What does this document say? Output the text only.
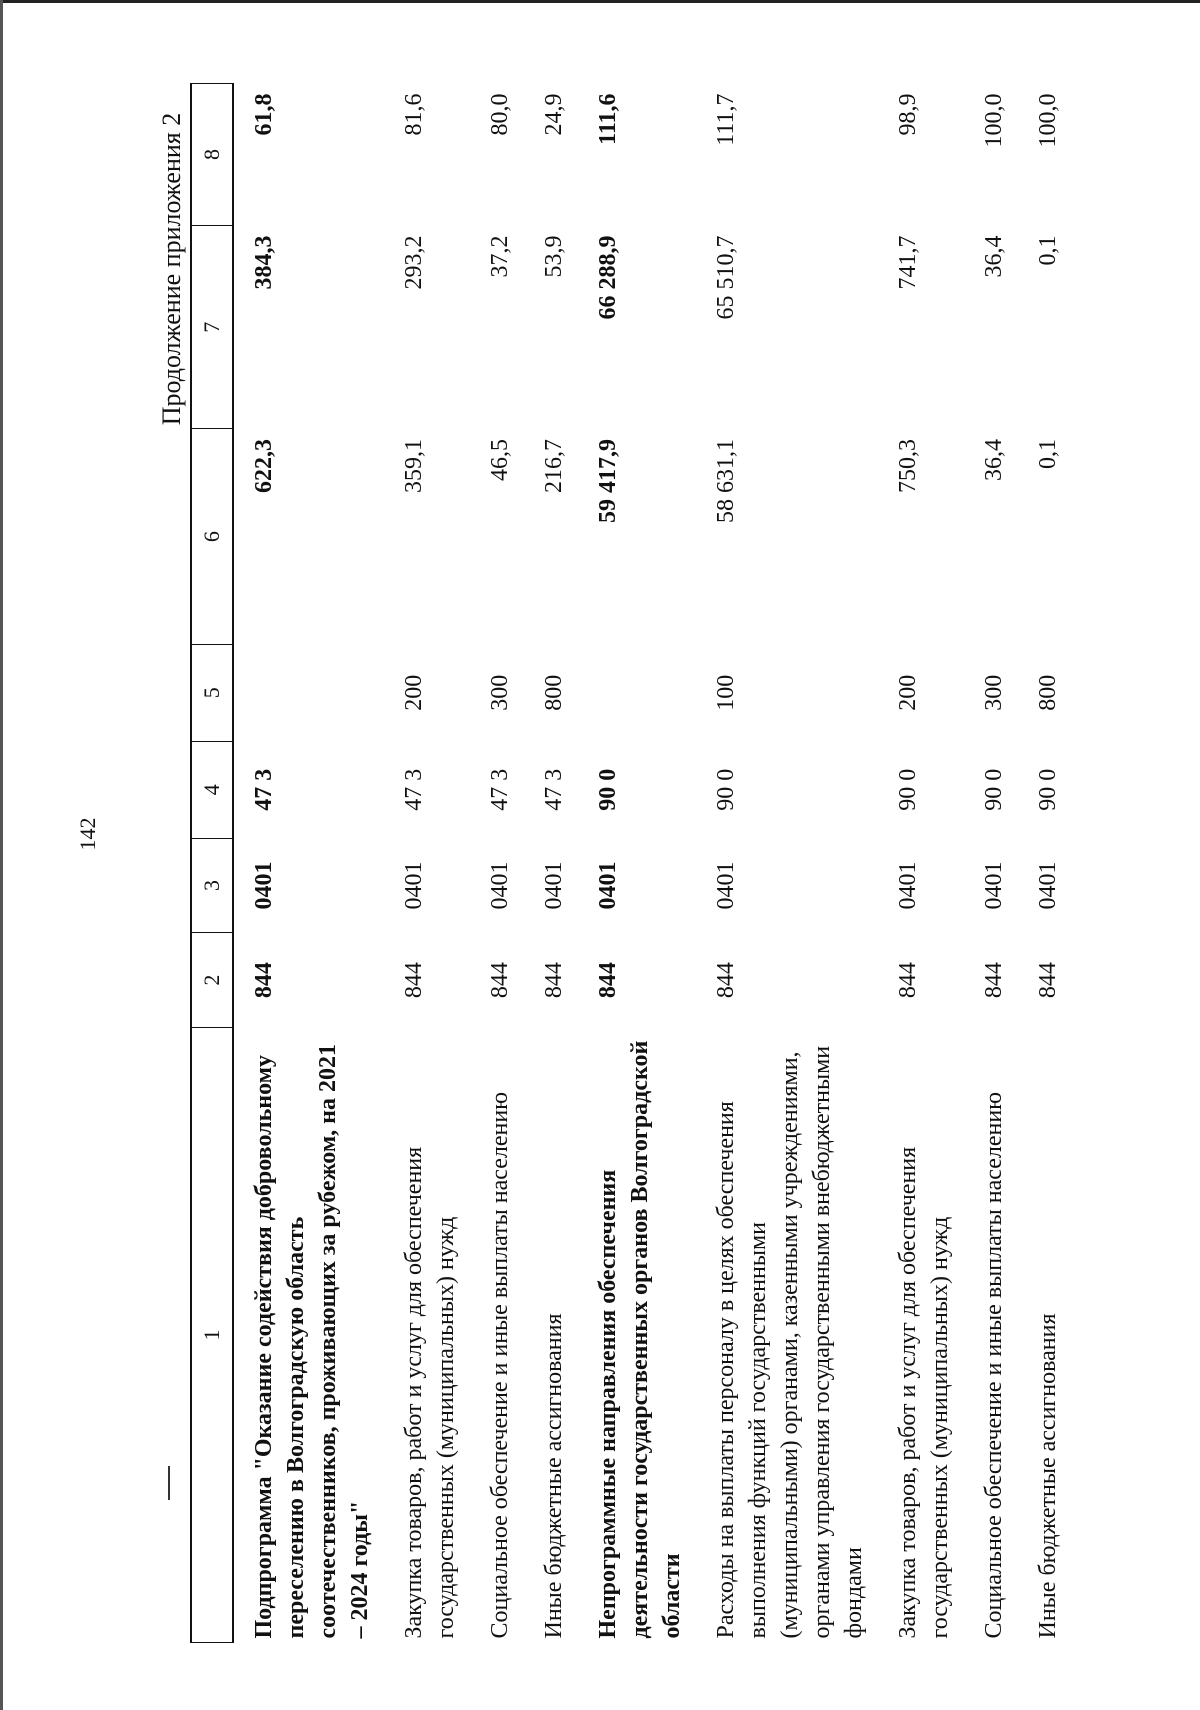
142
Продолжение приложения 2
1	2	3	4	5	6	7	8
Подпрограмма "Оказание содействия добровольному переселению в Волгоградскую область соотечественников, проживающих за рубежом, на 2021 – 2024 годы"	844	0401	47 3		622,3	384,3	61,8
Закупка товаров, работ и услуг для обеспечения государственных (муниципальных) нужд	844	0401	47 3	200	359,1	293,2	81,6
Социальное обеспечение и иные выплаты населению	844	0401	47 3	300	46,5	37,2	80,0
Иные бюджетные ассигнования	844	0401	47 3	800	216,7	53,9	24,9
Непрограммные направления обеспечения деятельности государственных органов Волгоградской области	844	0401	90 0		59 417,9	66 288,9	111,6
Расходы на выплаты персоналу в целях обеспечения выполнения функций государственными (муниципальными) органами, казенными учреждениями, органами управления государственными внебюджетными фондами	844	0401	90 0	100	58 631,1	65 510,7	111,7
Закупка товаров, работ и услуг для обеспечения государственных (муниципальных) нужд	844	0401	90 0	200	750,3	741,7	98,9
Социальное обеспечение и иные выплаты населению	844	0401	90 0	300	36,4	36,4	100,0
Иные бюджетные ассигнования	844	0401	90 0	800	0,1	0,1	100,0
